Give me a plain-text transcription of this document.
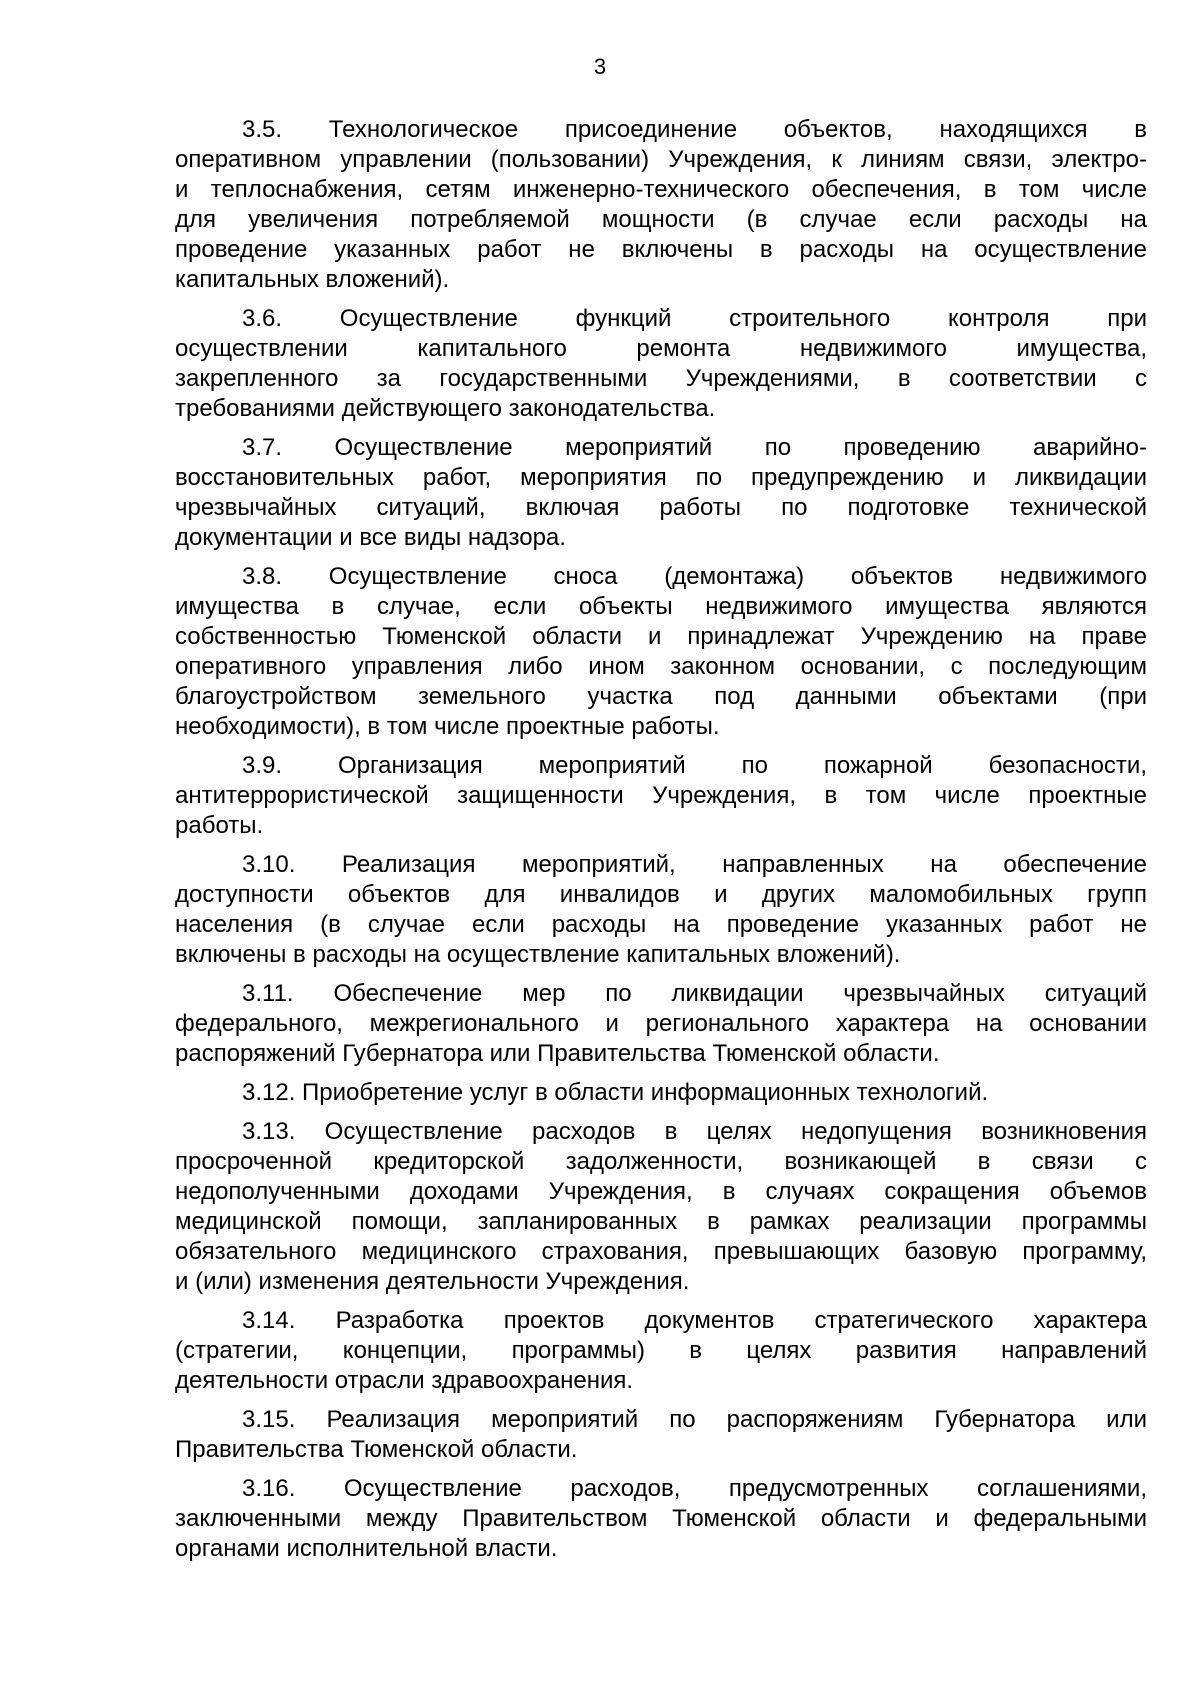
3
3.5. Технологическое присоединение объектов, находящихся в
оперативном управлении (пользовании) Учреждения, к линиям связи, электро-
и теплоснабжения, сетям инженерно-технического обеспечения, в том числе
для увеличения потребляемой мощности (в случае если расходы на
проведение указанных работ не включены в расходы на осуществление
капитальных вложений).
3.6. Осуществление функций строительного контроля при
осуществлении капитального ремонта недвижимого имущества,
закрепленного за государственными Учреждениями, в соответствии с
требованиями действующего законодательства.
3.7. Осуществление мероприятий по проведению аварийно-
восстановительных работ, мероприятия по предупреждению и ликвидации
чрезвычайных ситуаций, включая работы по подготовке технической
документации и все виды надзора.
3.8. Осуществление сноса (демонтажа) объектов недвижимого
имущества в случае, если объекты недвижимого имущества являются
собственностью Тюменской области и принадлежат Учреждению на праве
оперативного управления либо ином законном основании, с последующим
благоустройством земельного участка под данными объектами (при
необходимости), в том числе проектные работы.
3.9. Организация мероприятий по пожарной безопасности,
антитеррористической защищенности Учреждения, в том числе проектные
работы.
3.10. Реализация мероприятий, направленных на обеспечение
доступности объектов для инвалидов и других маломобильных групп
населения (в случае если расходы на проведение указанных работ не
включены в расходы на осуществление капитальных вложений).
3.11. Обеспечение мер по ликвидации чрезвычайных ситуаций
федерального, межрегионального и регионального характера на основании
распоряжений Губернатора или Правительства Тюменской области.
3.12. Приобретение услуг в области информационных технологий.
3.13. Осуществление расходов в целях недопущения возникновения
просроченной кредиторской задолженности, возникающей в связи с
недополученными доходами Учреждения, в случаях сокращения объемов
медицинской помощи, запланированных в рамках реализации программы
обязательного медицинского страхования, превышающих базовую программу,
и (или) изменения деятельности Учреждения.
3.14. Разработка проектов документов стратегического характера
(стратегии, концепции, программы) в целях развития направлений
деятельности отрасли здравоохранения.
3.15. Реализация мероприятий по распоряжениям Губернатора или
Правительства Тюменской области.
3.16. Осуществление расходов, предусмотренных соглашениями,
заключенными между Правительством Тюменской области и федеральными
органами исполнительной власти.
